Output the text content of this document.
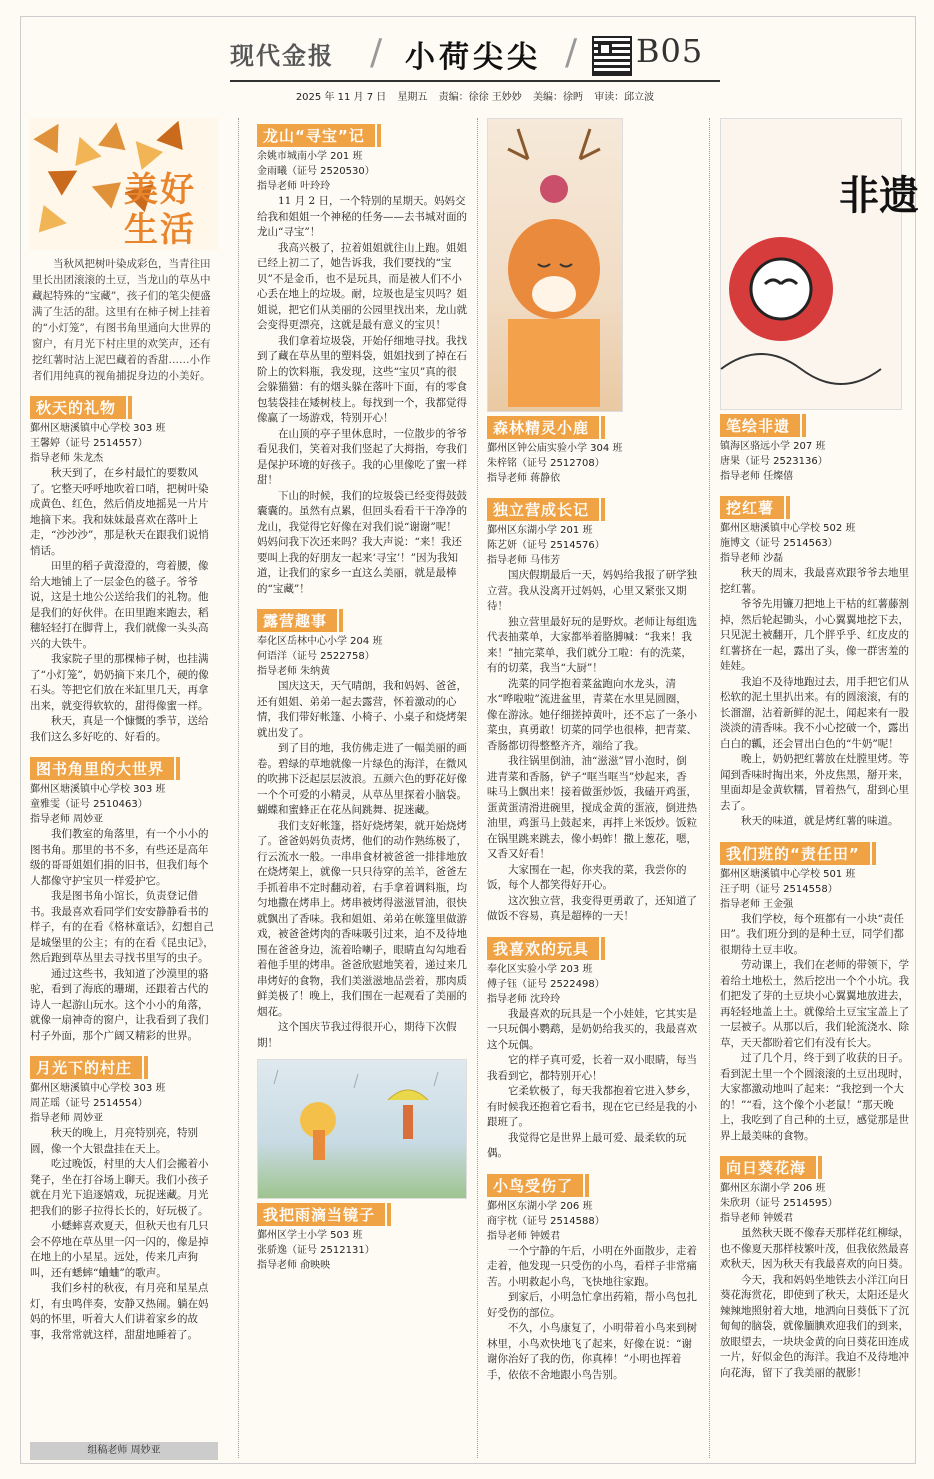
现代金报 / 小荷尖尖 / B05
2025 年 11 月 7 日 星期五 责编：徐徐 王妙妙 美编：徐眄 审读：邱立波
美好生活

当秋风把树叶染成彩色，当青往田里长出团滚滚的土豆，当龙山的草丛中藏起特殊的“宝藏”，孩子们的笔尖便盛满了生活的甜。这里有在柿子树上挂着的“小灯笼”，有图书角里通向大世界的窗户，有月光下村庄里的欢笑声，还有挖红薯时沾上泥巴藏着的香甜……小作者们用纯真的视角捕捉身边的小美好。

秋天的礼物
鄞州区塘溪镇中心学校 303 班
王馨婷（证号 2514557）
指导老师 朱龙杰

秋天到了，在乡村最忙的要数风了。它整天呼呼地吹着口哨，把树叶染成黄色、红色，然后俏皮地摇晃一片片地摘下来。我和妹妹最喜欢在落叶上走，“沙沙沙”，那是秋天在跟我们说悄悄话。

田里的稻子黄澄澄的，弯着腰，像给大地铺上了一层金色的毯子。爷爷说，这是土地公公送给我们的礼物。他是我们的好伙伴。在田里跑来跑去，稻穗轻轻打在脚背上，我们就像一头头高兴的大铁牛。

我家院子里的那棵柿子树，也挂满了“小灯笼”，奶奶摘下来几个，硬的像石头。等把它们放在米缸里几天，再拿出来，就变得软软的，甜得像蜜一样。

秋天，真是一个慷慨的季节，送给我们这么多好吃的、好看的。

图书角里的大世界
鄞州区塘溪镇中心学校 303 班
童雅雯（证号 2510463）
指导老师 周妙亚

我们教室的角落里，有一个小小的图书角。那里的书不多，有些还是高年级的哥哥姐姐们捐的旧书，但我们每个人都像守护宝贝一样爱护它。

我是图书角小馆长，负责登记借书。我最喜欢看同学们安安静静看书的样子，有的在看《格林童话》，幻想自己是城堡里的公主；有的在看《昆虫记》，然后跑到草丛里去寻找书里写的虫子。

通过这些书，我知道了沙漠里的骆驼，看到了海底的珊瑚，还跟着古代的诗人一起游山玩水。这个小小的角落，就像一扇神奇的窗户，让我看到了我们村子外面，那个广阔又精彩的世界。

月光下的村庄
鄞州区塘溪镇中心学校 303 班
周芷瑶（证号 2514554）
指导老师 周妙亚

秋天的晚上，月亮特别亮，特别圆，像一个大银盘挂在天上。

吃过晚饭，村里的大人们会搬着小凳子，坐在打谷场上聊天。我们小孩子就在月光下追逐嬉戏，玩捉迷藏。月光把我们的影子拉得长长的，好玩极了。

小蟋蟀喜欢夏天，但秋天也有几只会不停地在草丛里一闪一闪的，像是掉在地上的小星星。远处，传来几声狗叫，还有蟋蟀“蛐蛐”的歌声。

我们乡村的秋夜，有月亮和星星点灯，有虫鸣伴奏，安静又热闹。躺在妈妈的怀里，听着大人们讲着家乡的故事，我常常就这样，甜甜地睡着了。

组稿老师 周妙亚
龙山“寻宝”记
余姚市城南小学 201 班
金雨曦（证号 2520530）
指导老师 叶玲玲

11 月 2 日，一个特别的星期天。妈妈交给我和姐姐一个神秘的任务——去书城对面的龙山“寻宝”！

我高兴极了，拉着姐姐就往山上跑。姐姐已经上初二了，她告诉我，我们要找的“宝贝”不是金币，也不是玩具，而是被人们不小心丢在地上的垃圾。耐，垃圾也是宝贝吗？姐姐说，把它们从美丽的公园里找出来，龙山就会变得更漂亮，这就是最有意义的宝贝！

我们拿着垃圾袋，开始仔细地寻找。我找到了藏在草丛里的塑料袋，姐姐找到了掉在石阶上的饮料瓶，我发现，这些“宝贝”真的很会躲猫猫：有的烟头躲在落叶下面，有的零食包装袋挂在矮树枝上。每找到一个，我都觉得像赢了一场游戏，特别开心！

在山顶的亭子里休息时，一位散步的爷爷看见我们，笑着对我们竖起了大拇指，夸我们是保护环境的好孩子。我的心里像吃了蜜一样甜！

下山的时候，我们的垃圾袋已经变得鼓鼓囊囊的。虽然有点累，但回头看看干干净净的龙山，我觉得它好像在对我们说“谢谢”呢！妈妈问我下次还来吗？我大声说：“来！我还要叫上我的好朋友一起来‘寻宝’！”因为我知道，让我们的家乡一直这么美丽，就是最棒的“宝藏”！

露营趣事
奉化区岳林中心小学 204 班
何语洋（证号 2522758）
指导老师 朱纳黄

国庆这天，天气晴朗，我和妈妈、爸爸，还有姐姐、弟弟一起去露营，怀着激动的心情，我们带好帐篷、小椅子、小桌子和烧烤架就出发了。

到了目的地，我仿佛走进了一幅美丽的画卷。碧绿的草地就像一片绿色的海洋，在微风的吹拂下泛起层层波浪。五颜六色的野花好像一个个可爱的小精灵，从草丛里探着小脑袋。蝴蝶和蜜蜂正在花丛间跳舞、捉迷藏。

我们支好帐篷，搭好烧烤架，就开始烧烤了。爸爸妈妈负责烤，他们的动作熟练极了，行云流水一般。一串串食材被爸爸一排排地放在烧烤架上，就像一只只待穿的羔羊，爸爸左手抓着串不定时翻动着，右手拿着调料瓶，均匀地撒在烤串上。烤串被烤得滋滋冒油，很快就飘出了香味。我和姐姐、弟弟在帐篷里做游戏，被爸爸烤肉的香味吸引过来，迫不及待地围在爸爸身边，流着哈喇子，眼睛直勾勾地看着他手里的烤串。爸爸欣慰地笑着，递过来几串烤好的食物，我们美滋滋地品尝着，那肉质鲜美极了！晚上，我们围在一起观看了美丽的烟花。

这个国庆节我过得很开心，期待下次假期！

我把雨滴当镜子
鄞州区学士小学 503 班
张骄逸（证号 2512131）
指导老师 俞映映
森林精灵小鹿
鄞州区钟公庙实验小学 304 班
朱梓铭（证号 2512708）
指导老师 蒋静依
独立营成长记
鄞州区东湖小学 201 班
陈艺妍（证号 2514576）
指导老师 马伟芳

国庆假期最后一天，妈妈给我报了研学独立营。我从没离开过妈妈，心里又紧张又期待！

独立营里最好玩的是野炊。老师让每组选代表抽菜单，大家都举着胳膊喊：“我来！我来！”抽完菜单，我们就分工啦：有的洗菜，有的切菜，我当“大厨”！

洗菜的同学抱着菜盆跑向水龙头，清水“哗啦啦”流进盆里，青菜在水里晃圆圈，像在游泳。她仔细搓掉黄叶，还不忘了一条小菜虫，真勇敢！切菜的同学也很棒，把青菜、香肠都切得整整齐齐，端给了我。

我往锅里倒油，油“滋滋”冒小泡时，倒进青菜和香肠，铲子“哐当哐当”炒起来，香味马上飘出来！接着做蛋炒饭，我磕开鸡蛋，蛋黄蛋清滑进碗里，搅成金黄的蛋液，倒进热油里，鸡蛋马上鼓起来，再拌上米饭炒。饭粒在锅里跳来跳去，像小蚂蚱！撒上葱花，嗯，又香又好看！

大家围在一起，你夹我的菜，我尝你的饭，每个人都笑得好开心。

这次独立营，我变得更勇敢了，还知道了做饭不容易，真是超棒的一天！

我喜欢的玩具
奉化区实验小学 203 班
傅子钰（证号 2522498）
指导老师 沈玲玲

我最喜欢的玩具是一个小娃娃，它其实是一只玩偶小鹦鹉，是奶奶给我买的，我最喜欢这个玩偶。

它的样子真可爱，长着一双小眼睛，每当我看到它，都特别开心！

它柔软极了，每天我都抱着它进入梦乡，有时候我还抱着它看书，现在它已经是我的小跟班了。

我觉得它是世界上最可爱、最柔软的玩偶。

小鸟受伤了
鄞州区东湖小学 206 班
商宇枕（证号 2514588）
指导老师 钟媛君

一个宁静的午后，小明在外面散步，走着走着，他发现一只受伤的小鸟，看样子非常痛苦。小明救起小鸟，飞快地往家跑。

到家后，小明急忙拿出药箱，帮小鸟包扎好受伤的部位。

不久，小鸟康复了，小明带着小鸟来到树林里，小鸟欢快地飞了起来，好像在说：“谢谢你治好了我的伤，你真棒！”小明也挥着手，依依不舍地跟小鸟告别。

非遗
笔绘非遗
镇海区骆远小学 207 班
唐果（证号 2523136）
指导老师 任燦僖
挖红薯
鄞州区塘溪镇中心学校 502 班
施博文（证号 2514563）
指导老师 沙磊

秋天的周末，我最喜欢跟爷爷去地里挖红薯。

爷爷先用镰刀把地上干枯的红薯藤割掉，然后轮起锄头，小心翼翼地挖下去，只见泥土被翻开，几个胖乎乎、红皮皮的红薯挤在一起，露出了头，像一群害羞的娃娃。

我迫不及待地跑过去，用手把它们从松软的泥土里扒出来。有的圆滚滚，有的长溜溜，沾着新鲜的泥土，闻起来有一股淡淡的清香味。我不小心挖破一个，露出白白的瓤，还会冒出白色的“牛奶”呢！

晚上，奶奶把红薯放在灶膛里烤。等闻到香味时掏出来，外皮焦黑，掰开来，里面却是金黄软糯，冒着热气，甜到心里去了。

秋天的味道，就是烤红薯的味道。

我们班的“责任田”
鄞州区塘溪镇中心学校 501 班
汪子明（证号 2514558）
指导老师 王金强

我们学校，每个班都有一小块“责任田”。我们班分到的是种土豆，同学们都很期待土豆丰收。

劳动课上，我们在老师的带领下，学着给土地松土，然后挖出一个个小坑。我们把发了芽的土豆块小心翼翼地放进去，再轻轻地盖上土。就像给土豆宝宝盖上了一层被子。从那以后，我们轮流浇水、除草，天天都盼着它们有没有长大。

过了几个月，终于到了收获的日子。看到泥土里一个个圆滚滚的土豆出现时，大家都激动地叫了起来：“我挖到一个大的！”“看，这个像个小老鼠！”那天晚上，我吃到了自己种的土豆，感觉那是世界上最美味的食物。

向日葵花海
鄞州区东湖小学 206 班
朱欣玥（证号 2514595）
指导老师 钟媛君

虽然秋天既不像春天那样花红柳绿，也不像夏天那样枝繁叶茂，但我依然最喜欢秋天，因为秋天有我最喜欢的向日葵。

今天，我和妈妈坐地铁去小洋江向日葵花海赏花，即使到了秋天，太阳还是火辣辣地照射着大地，地洒向日葵低下了沉甸甸的脑袋，就像腼腆欢迎我们的到来，放眼望去，一块块金黄的向日葵花田连成一片，好似金色的海洋。我迫不及待地冲向花海，留下了我美丽的靓影！
